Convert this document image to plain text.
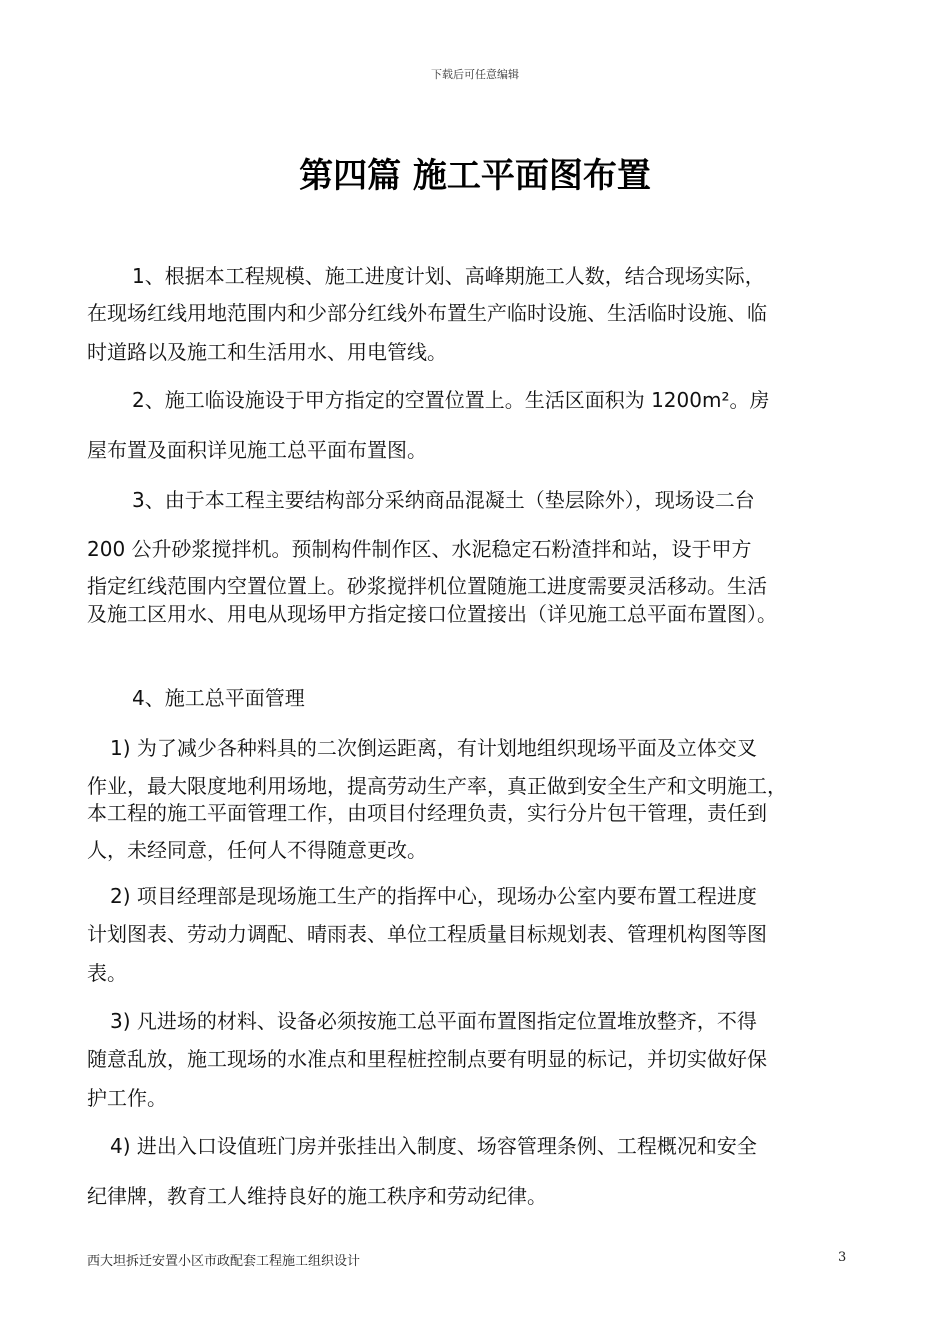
下载后可任意编辑
第四篇 施工平面图布置
1、根据本工程规模、施工进度计划、高峰期施工人数，结合现场实际，
在现场红线用地范围内和少部分红线外布置生产临时设施、生活临时设施、临
时道路以及施工和生活用水、用电管线。
2、施工临设施设于甲方指定的空置位置上。生活区面积为 1200m²。房
屋布置及面积详见施工总平面布置图。
3、由于本工程主要结构部分采纳商品混凝土（垫层除外），现场设二台
200 公升砂浆搅拌机。预制构件制作区、水泥稳定石粉渣拌和站，设于甲方
指定红线范围内空置位置上。砂浆搅拌机位置随施工进度需要灵活移动。生活
及施工区用水、用电从现场甲方指定接口位置接出（详见施工总平面布置图）。
4、施工总平面管理
1) 为了减少各种料具的二次倒运距离，有计划地组织现场平面及立体交叉
作业，最大限度地利用场地，提高劳动生产率，真正做到安全生产和文明施工，
本工程的施工平面管理工作，由项目付经理负责，实行分片包干管理，责任到
人，未经同意，任何人不得随意更改。
2) 项目经理部是现场施工生产的指挥中心，现场办公室内要布置工程进度
计划图表、劳动力调配、晴雨表、单位工程质量目标规划表、管理机构图等图
表。
3) 凡进场的材料、设备必须按施工总平面布置图指定位置堆放整齐，不得
随意乱放，施工现场的水准点和里程桩控制点要有明显的标记，并切实做好保
护工作。
4) 进出入口设值班门房并张挂出入制度、场容管理条例、工程概况和安全
纪律牌，教育工人维持良好的施工秩序和劳动纪律。
西大坦拆迁安置小区市政配套工程施工组织设计	3
